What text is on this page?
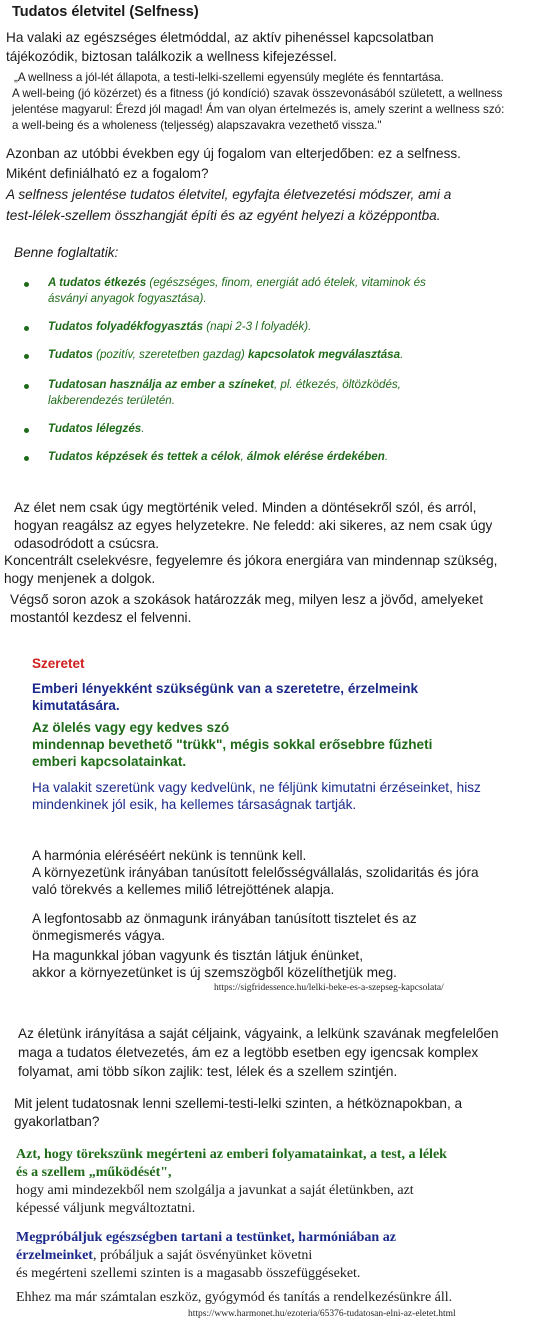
Tudatos életvitel (Selfness)
Ha valaki az egészséges életmóddal, az aktív pihenéssel kapcsolatban
tájékozódik, biztosan találkozik a wellness kifejezéssel.
„A wellness a jól-lét állapota, a testi-lelki-szellemi egyensúly megléte és fenntartása.
A well-being (jó közérzet) és a fitness (jó kondíció) szavak összevonásából született, a wellness
jelentése magyarul: Érezd jól magad! Ám van olyan értelmezés is, amely szerint a wellness szó:
a well-being és a wholeness (teljesség) alapszavakra vezethető vissza."
Azonban az utóbbi években egy új fogalom van elterjedőben: ez a selfness.
Miként definiálható ez a fogalom?
A selfness jelentése tudatos életvitel, egyfajta életvezetési módszer, ami a
test-lélek-szellem összhangját építi és az egyént helyezi a középpontba.
Benne foglaltatik:
A tudatos étkezés (egészséges, finom, energiát adó ételek, vitaminok és
ásványi anyagok fogyasztása).
Tudatos folyadékfogyasztás (napi 2-3 l folyadék).
Tudatos (pozitív, szeretetben gazdag) kapcsolatok megválasztása.
Tudatosan használja az ember a színeket, pl. étkezés, öltözködés,
lakberendezés területén.
Tudatos lélegzés.
Tudatos képzések és tettek a célok, álmok elérése érdekében.
Az élet nem csak úgy megtörténik veled. Minden a döntésekről szól, és arról,
hogyan reagálsz az egyes helyzetekre. Ne feledd: aki sikeres, az nem csak úgy
odasodródott a csúcsra.
Koncentrált cselekvésre, fegyelemre és jókora energiára van mindennap szükség,
hogy menjenek a dolgok.
Végső soron azok a szokások határozzák meg, milyen lesz a jövőd, amelyeket
mostantól kezdesz el felvenni.
Szeretet
Emberi lényekként szükségünk van a szeretetre, érzelmeink
kimutatására.
Az ölelés vagy egy kedves szó
mindennap bevethető "trükk", mégis sokkal erősebbre fűzheti
emberi kapcsolatainkat.
Ha valakit szeretünk vagy kedvelünk, ne féljünk kimutatni érzéseinket, hisz
mindenkinek jól esik, ha kellemes társaságnak tartják.
A harmónia eléréséért nekünk is tennünk kell.
A környezetünk irányában tanúsított felelősségvállalás, szolidaritás és jóra
való törekvés a kellemes miliő létrejöttének alapja.
A legfontosabb az önmagunk irányában tanúsított tisztelet és az
önmegismerés vágya.
Ha magunkkal jóban vagyunk és tisztán látjuk énünket,
akkor a környezetünket is új szemszögből közelíthetjük meg.
https://sigfridessence.hu/lelki-beke-es-a-szepseg-kapcsolata/
Az életünk irányítása a saját céljaink, vágyaink, a lelkünk szavának megfelelően
maga a tudatos életvezetés, ám ez a legtöbb esetben egy igencsak komplex
folyamat, ami több síkon zajlik: test, lélek és a szellem szintjén.
Mit jelent tudatosnak lenni szellemi-testi-lelki szinten, a hétköznapokban, a
gyakorlatban?
Azt, hogy törekszünk megérteni az emberi folyamatainkat, a test, a lélek
és a szellem „működését",
hogy ami mindezekből nem szolgálja a javunkat a saját életünkben, azt
képessé váljunk megváltoztatni.
Megpróbáljuk egészségben tartani a testünket, harmóniában az
érzelmeinket, próbáljuk a saját ösvényünket követni
és megérteni szellemi szinten is a magasabb összefüggéseket.
Ehhez ma már számtalan eszköz, gyógymód és tanítás a rendelkezésünkre áll.
https://www.harmonet.hu/ezoteria/65376-tudatosan-elni-az-eletet.html
